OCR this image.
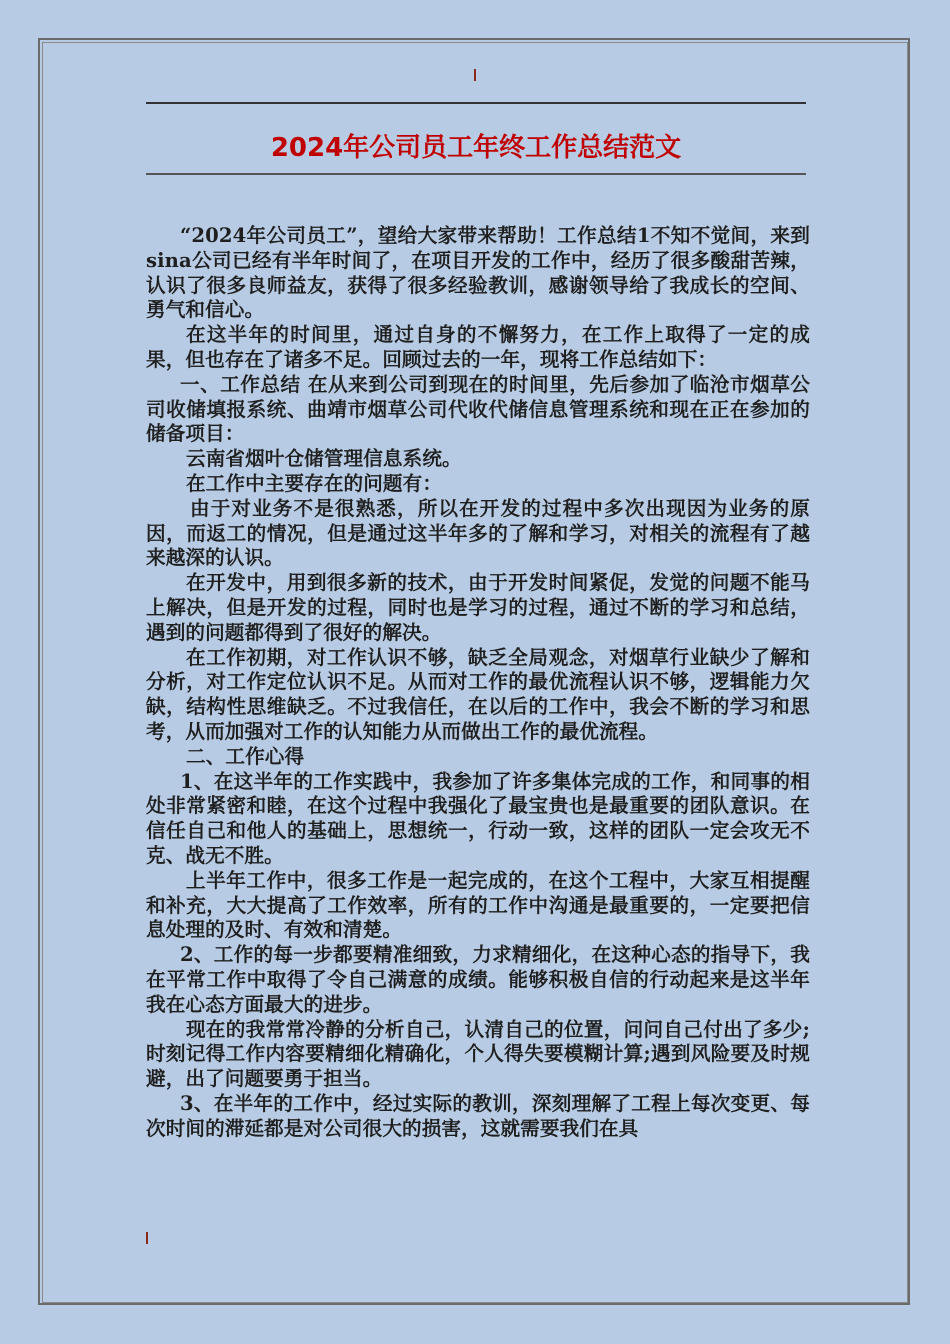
2024年公司员工年终工作总结范文

“2024年公司员工”，望给大家带来帮助！工作总结1不知不觉间，来到sina公司已经有半年时间了，在项目开发的工作中，经历了很多酸甜苦辣，认识了很多良师益友，获得了很多经验教训，感谢领导给了我成长的空间、勇气和信心。

在这半年的时间里，通过自身的不懈努力，在工作上取得了一定的成果，但也存在了诸多不足。回顾过去的一年，现将工作总结如下：

一、工作总结 在从来到公司到现在的时间里，先后参加了临沧市烟草公司收储填报系统、曲靖市烟草公司代收代储信息管理系统和现在正在参加的储备项目：

云南省烟叶仓储管理信息系统。

在工作中主要存在的问题有：

由于对业务不是很熟悉，所以在开发的过程中多次出现因为业务的原因，而返工的情况，但是通过这半年多的了解和学习，对相关的流程有了越来越深的认识。

在开发中，用到很多新的技术，由于开发时间紧促，发觉的问题不能马上解决，但是开发的过程，同时也是学习的过程，通过不断的学习和总结，遇到的问题都得到了很好的解决。

在工作初期，对工作认识不够，缺乏全局观念，对烟草行业缺少了解和分析，对工作定位认识不足。从而对工作的最优流程认识不够，逻辑能力欠缺，结构性思维缺乏。不过我信任，在以后的工作中，我会不断的学习和思考，从而加强对工作的认知能力从而做出工作的最优流程。

二、工作心得

1、在这半年的工作实践中，我参加了许多集体完成的工作，和同事的相处非常紧密和睦，在这个过程中我强化了最宝贵也是最重要的团队意识。在信任自己和他人的基础上，思想统一，行动一致，这样的团队一定会攻无不克、战无不胜。

上半年工作中，很多工作是一起完成的，在这个工程中，大家互相提醒和补充，大大提高了工作效率，所有的工作中沟通是最重要的，一定要把信息处理的及时、有效和清楚。

2、工作的每一步都要精准细致，力求精细化，在这种心态的指导下，我在平常工作中取得了令自己满意的成绩。能够积极自信的行动起来是这半年我在心态方面最大的进步。

现在的我常常冷静的分析自己，认清自己的位置，问问自己付出了多少;时刻记得工作内容要精细化精确化，个人得失要模糊计算;遇到风险要及时规避，出了问题要勇于担当。

3、在半年的工作中，经过实际的教训，深刻理解了工程上每次变更、每次时间的滞延都是对公司很大的损害，这就需要我们在具
